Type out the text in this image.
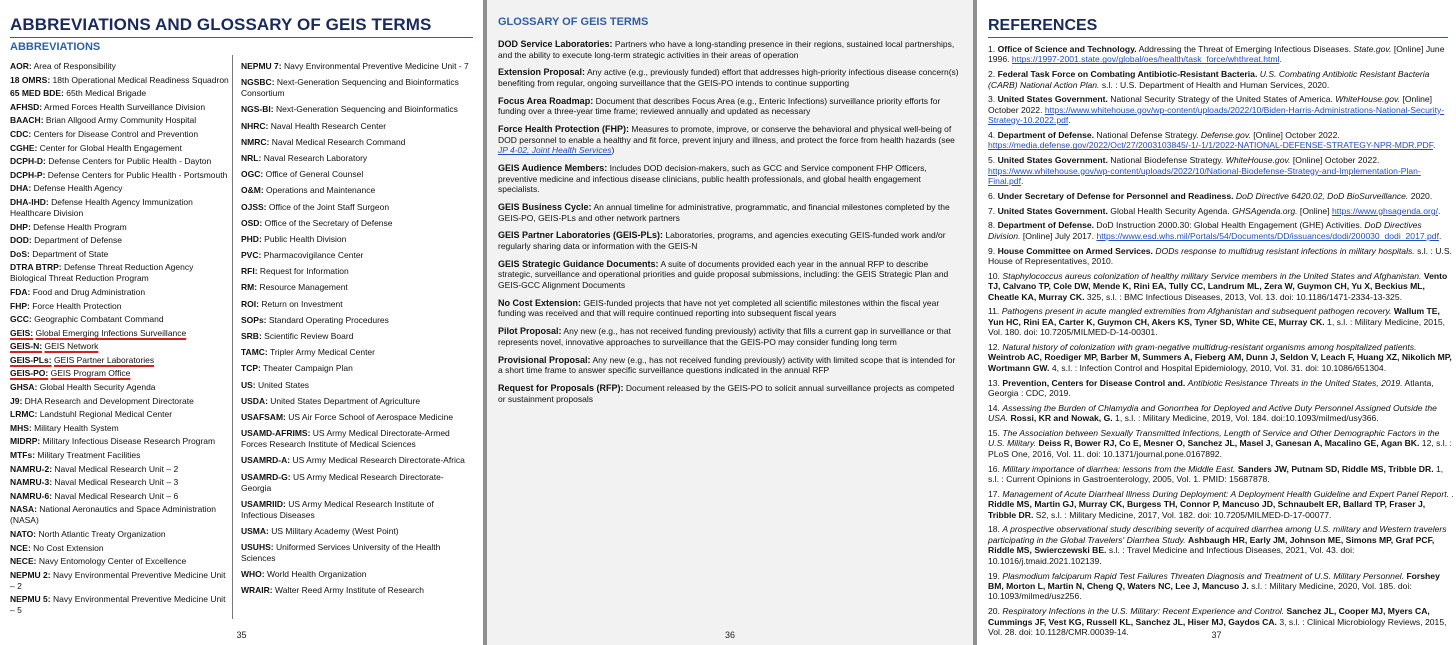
ABBREVIATIONS AND GLOSSARY OF GEIS TERMS
ABBREVIATIONS
AOR: Area of Responsibility
18 OMRS: 18th Operational Medical Readiness Squadron
65 MED BDE: 65th Medical Brigade
AFHSD: Armed Forces Health Surveillance Division
BAACH: Brian Allgood Army Community Hospital
CDC: Centers for Disease Control and Prevention
CGHE: Center for Global Health Engagement
DCPH-D: Defense Centers for Public Health - Dayton
DCPH-P: Defense Centers for Public Health - Portsmouth
DHA: Defense Health Agency
DHA-IHD: Defense Health Agency Immunization Healthcare Division
DHP: Defense Health Program
DOD: Department of Defense
DoS: Department of State
DTRA BTRP: Defense Threat Reduction Agency Biological Threat Reduction Program
FDA: Food and Drug Administration
FHP: Force Health Protection
GCC: Geographic Combatant Command
GEIS: Global Emerging Infections Surveillance
GEIS-N: GEIS Network
GEIS-PLs: GEIS Partner Laboratories
GEIS-PO: GEIS Program Office
GHSA: Global Health Security Agenda
J9: DHA Research and Development Directorate
LRMC: Landstuhl Regional Medical Center
MHS: Military Health System
MIDRP: Military Infectious Disease Research Program
MTFs: Military Treatment Facilities
NAMRU-2: Naval Medical Research Unit – 2
NAMRU-3: Naval Medical Research Unit – 3
NAMRU-6: Naval Medical Research Unit – 6
NASA: National Aeronautics and Space Administration (NASA)
NATO: North Atlantic Treaty Organization
NCE: No Cost Extension
NECE: Navy Entomology Center of Excellence
NEPMU 2: Navy Environmental Preventive Medicine Unit – 2
NEPMU 5: Navy Environmental Preventive Medicine Unit – 5
NEPMU 7: Navy Environmental Preventive Medicine Unit - 7
NGSBC: Next-Generation Sequencing and Bioinformatics Consortium
NGS-BI: Next-Generation Sequencing and Bioinformatics
NHRC: Naval Health Research Center
NMRC: Naval Medical Research Command
NRL: Naval Research Laboratory
OGC: Office of General Counsel
O&M: Operations and Maintenance
OJSS: Office of the Joint Staff Surgeon
OSD: Office of the Secretary of Defense
PHD: Public Health Division
PVC: Pharmacovigilance Center
RFI: Request for Information
RM: Resource Management
ROI: Return on Investment
SOPs: Standard Operating Procedures
SRB: Scientific Review Board
TAMC: Tripler Army Medical Center
TCP: Theater Campaign Plan
US: United States
USDA: United States Department of Agriculture
USAFSAM: US Air Force School of Aerospace Medicine
USAMD-AFRIMS: US Army Medical Directorate-Armed Forces Research Institute of Medical Sciences
USAMRD-A: US Army Medical Research Directorate-Africa
USAMRD-G: US Army Medical Research Directorate-Georgia
USAMRIID: US Army Medical Research Institute of Infectious Diseases
USMA: US Military Academy (West Point)
USUHS: Uniformed Services University of the Health Sciences
WHO: World Health Organization
WRAIR: Walter Reed Army Institute of Research
35
GLOSSARY OF GEIS TERMS
DOD Service Laboratories: Partners who have a long-standing presence in their regions, sustained local partnerships, and the ability to execute long-term strategic activities in their areas of operation
Extension Proposal: Any active (e.g., previously funded) effort that addresses high-priority infectious disease concern(s) benefiting from regular, ongoing surveillance that the GEIS-PO intends to continue supporting
Focus Area Roadmap: Document that describes Focus Area (e.g., Enteric Infections) surveillance priority efforts for funding over a three-year time frame; reviewed annually and updated as necessary
Force Health Protection (FHP): Measures to promote, improve, or conserve the behavioral and physical well-being of DOD personnel to enable a healthy and fit force, prevent injury and illness, and protect the force from health hazards (see JP 4-02, Joint Health Services)
GEIS Audience Members: Includes DOD decision-makers, such as GCC and Service component FHP Officers, preventive medicine and infectious disease clinicians, public health professionals, and global health engagement specialists.
GEIS Business Cycle: An annual timeline for administrative, programmatic, and financial milestones completed by the GEIS-PO, GEIS-PLs and other network partners
GEIS Partner Laboratories (GEIS-PLs): Laboratories, programs, and agencies executing GEIS-funded work and/or regularly sharing data or information with the GEIS-N
GEIS Strategic Guidance Documents: A suite of documents provided each year in the annual RFP to describe strategic, surveillance and operational priorities and guide proposal submissions, including: the GEIS Strategic Plan and GEIS-GCC Alignment Documents
No Cost Extension: GEIS-funded projects that have not yet completed all scientific milestones within the fiscal year funding was received and that will require continued reporting into subsequent fiscal years
Pilot Proposal: Any new (e.g., has not received funding previously) activity that fills a current gap in surveillance or that represents novel, innovative approaches to surveillance that the GEIS-PO may consider funding long term
Provisional Proposal: Any new (e.g., has not received funding previously) activity with limited scope that is intended for a short time frame to answer specific surveillance questions indicated in the annual RFP
Request for Proposals (RFP): Document released by the GEIS-PO to solicit annual surveillance projects as competed or sustainment proposals
36
REFERENCES
1. Office of Science and Technology. Addressing the Threat of Emerging Infectious Diseases. State.gov. [Online] June 1996. https://1997-2001.state.gov/global/oes/health/task_force/whthreat.html.
2. Federal Task Force on Combating Antibiotic-Resistant Bacteria. U.S. Combating Antibiotic Resistant Bacteria (CARB) National Action Plan. s.l. : U.S. Department of Health and Human Services, 2020.
3. United States Government. National Security Strategy of the United States of America. WhiteHouse.gov. [Online] October 2022. https://www.whitehouse.gov/wp-content/uploads/2022/10/Biden-Harris-Administrations-National-Security-Strategy-10.2022.pdf.
4. Department of Defense. National Defense Strategy. Defense.gov. [Online] October 2022. https://media.defense.gov/2022/Oct/27/2003103845/-1/-1/1/2022-NATIONAL-DEFENSE-STRATEGY-NPR-MDR.PDF.
5. United States Government. National Biodefense Strategy. WhiteHouse.gov. [Online] October 2022. https://www.whitehouse.gov/wp-content/uploads/2022/10/National-Biodefense-Strategy-and-Implementation-Plan-Final.pdf.
6. Under Secretary of Defense for Personnel and Readiness. DoD Directive 6420.02, DoD BioSurveillance. 2020.
7. United States Government. Global Health Security Agenda. GHSAgenda.org. [Online] https://www.ghsagenda.org/.
8. Department of Defense. DoD Instruction 2000.30: Global Health Engagement (GHE) Activities. DoD Directives Division. [Online] July 2017. https://www.esd.whs.mil/Portals/54/Documents/DD/issuances/dodi/200030_dodi_2017.pdf.
9. House Committee on Armed Services. DODs response to multidrug resistant infections in military hospitals. s.l. : U.S. House of Representatives, 2010.
10. Staphylococcus aureus colonization of healthy military Service members in the United States and Afghanistan. Vento TJ, Calvano TP, Cole DW, Mende K, Rini EA, Tully CC, Landrum ML, Zera W, Guymon CH, Yu X, Beckius ML, Cheatle KA, Murray CK. 325, s.l. : BMC Infectious Diseases, 2013, Vol. 13. doi: 10.1186/1471-2334-13-325.
11. Pathogens present in acute mangled extremities from Afghanistan and subsequent pathogen recovery. Wallum TE, Yun HC, Rini EA, Carter K, Guymon CH, Akers KS, Tyner SD, White CE, Murray CK. 1, s.l. : Military Medicine, 2015, Vol. 180. doi: 10.7205/MILMED-D-14-00301.
12. Natural history of colonization with gram-negative multidrug-resistant organisms among hospitalized patients. Weintrob AC, Roediger MP, Barber M, Summers A, Fieberg AM, Dunn J, Seldon V, Leach F, Huang XZ, Nikolich MP, Wortmann GW. 4, s.l. : Infection Control and Hospital Epidemiology, 2010, Vol. 31. doi: 10.1086/651304.
13. Prevention, Centers for Disease Control and. Antibiotic Resistance Threats in the United States, 2019. Atlanta, Georgia : CDC, 2019.
14. Assessing the Burden of Chlamydia and Gonorrhea for Deployed and Active Duty Personnel Assigned Outside the USA. Rossi, KR and Nowak, G. 1, s.l. : Military Medicine, 2019, Vol. 184. doi:10.1093/milmed/usy366.
15. The Association between Sexually Transmitted Infections, Length of Service and Other Demographic Factors in the U.S. Military. Deiss R, Bower RJ, Co E, Mesner O, Sanchez JL, Masel J, Ganesan A, Macalino GE, Agan BK. 12, s.l. : PLoS One, 2016, Vol. 11. doi: 10.1371/journal.pone.0167892.
16. Military importance of diarrhea: lessons from the Middle East. Sanders JW, Putnam SD, Riddle MS, Tribble DR. 1, s.l. : Current Opinions in Gastroenterology, 2005, Vol. 1. PMID: 15687878.
17. Management of Acute Diarrheal Illness During Deployment: A Deployment Health Guideline and Expert Panel Report. . Riddle MS, Martin GJ, Murray CK, Burgess TH, Connor P, Mancuso JD, Schnaubelt ER, Ballard TP, Fraser J, Tribble DR. S2, s.l. : Military Medicine, 2017, Vol. 182. doi: 10.7205/MILMED-D-17-00077.
18. A prospective observational study describing severity of acquired diarrhea among U.S. military and Western travelers participating in the Global Travelers' Diarrhea Study. Ashbaugh HR, Early JM, Johnson ME, Simons MP, Graf PCF, Riddle MS, Swierczewski BE. s.l. : Travel Medicine and Infectious Diseases, 2021, Vol. 43. doi: 10.1016/j.tmaid.2021.102139.
19. Plasmodium falciparum Rapid Test Failures Threaten Diagnosis and Treatment of U.S. Military Personnel. Forshey BM, Morton L, Martin N, Cheng Q, Waters NC, Lee J, Mancuso J. s.l. : Military Medicine, 2020, Vol. 185. doi: 10.1093/milmed/usz256.
20. Respiratory Infections in the U.S. Military: Recent Experience and Control. Sanchez JL, Cooper MJ, Myers CA, Cummings JF, Vest KG, Russell KL, Sanchez JL, Hiser MJ, Gaydos CA. 3, s.l. : Clinical Microbiology Reviews, 2015, Vol. 28. doi: 10.1128/CMR.00039-14.	37
